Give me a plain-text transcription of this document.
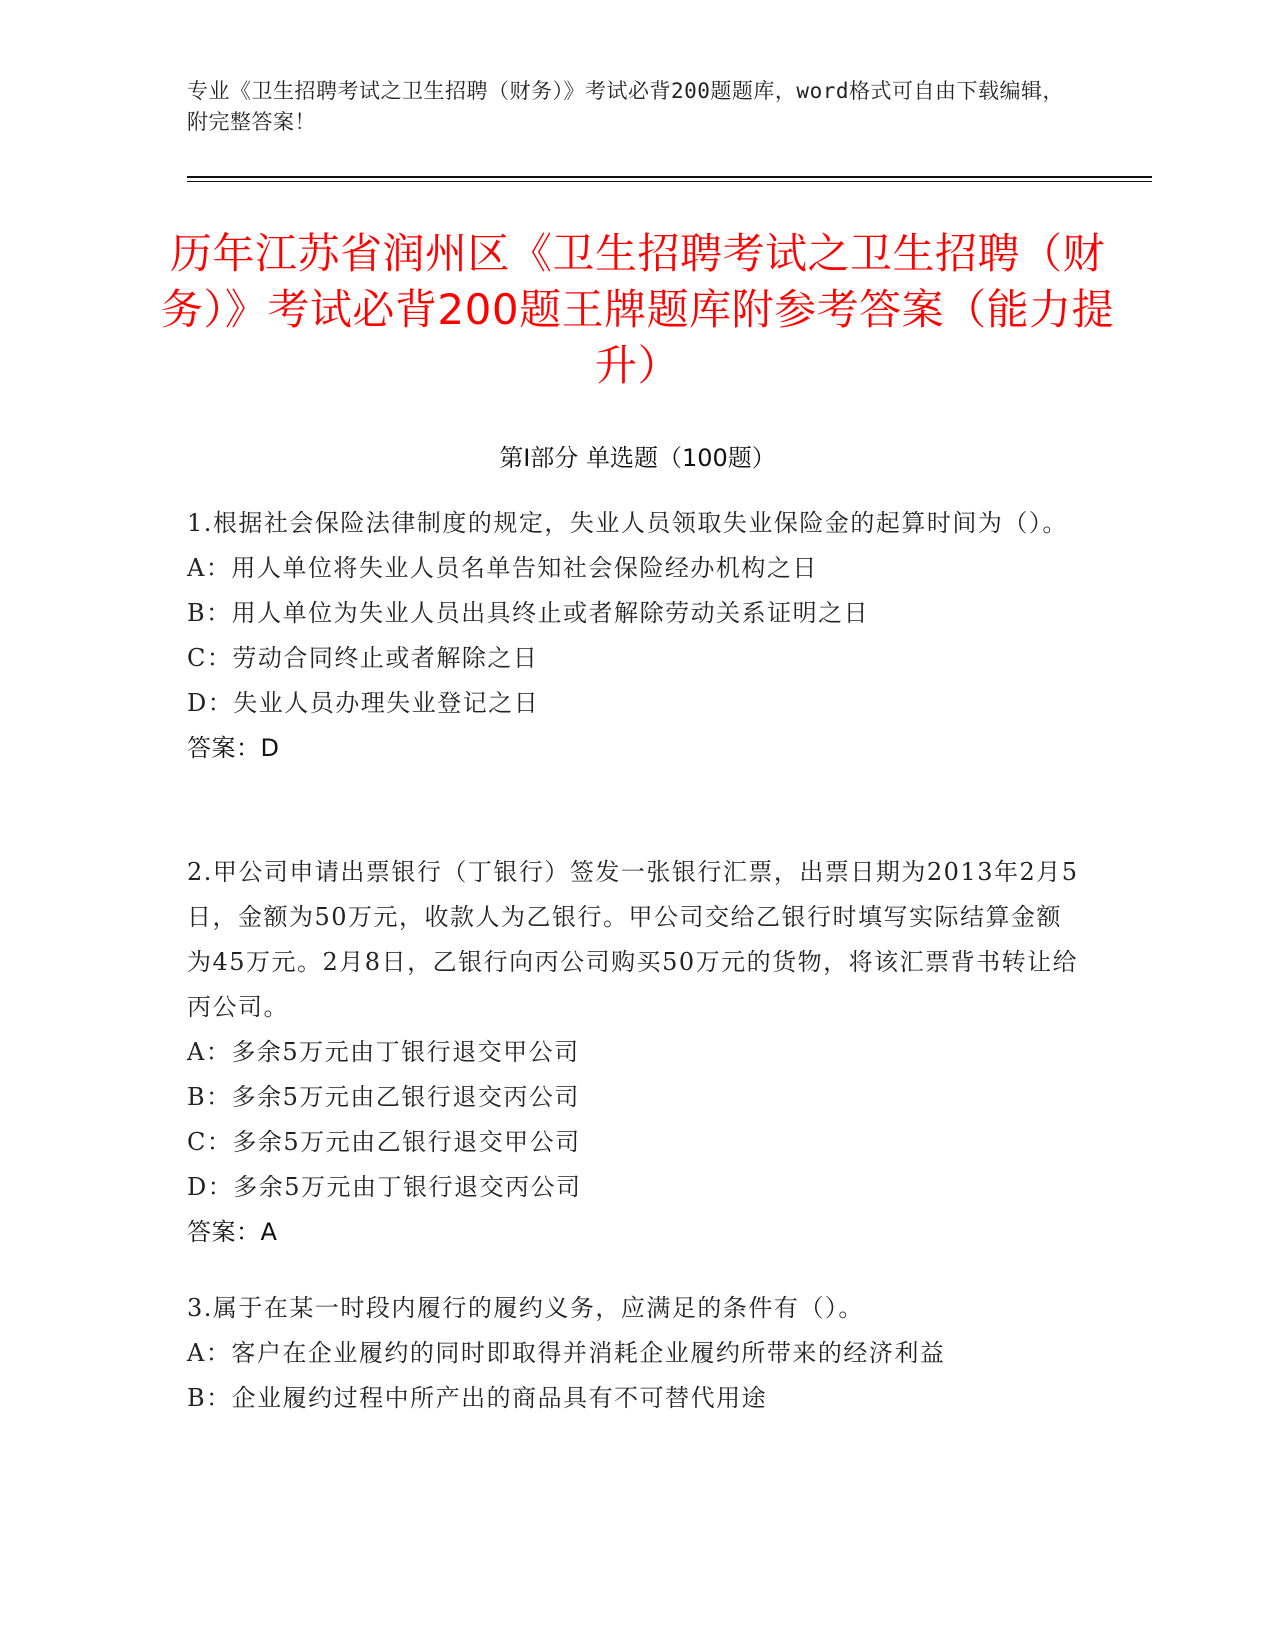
专业《卫生招聘考试之卫生招聘（财务）》考试必背200题题库，word格式可自由下载编辑，附完整答案！
历年江苏省润州区《卫生招聘考试之卫生招聘（财务）》考试必背200题王牌题库附参考答案（能力提升）
第Ⅰ部分 单选题（100题）

1.根据社会保险法律制度的规定，失业人员领取失业保险金的起算时间为（）。

A：用人单位将失业人员名单告知社会保险经办机构之日

B：用人单位为失业人员出具终止或者解除劳动关系证明之日

C：劳动合同终止或者解除之日

D：失业人员办理失业登记之日

答案：D

2.甲公司申请出票银行（丁银行）签发一张银行汇票，出票日期为2013年2月5日，金额为50万元，收款人为乙银行。甲公司交给乙银行时填写实际结算金额为45万元。2月8日，乙银行向丙公司购买50万元的货物，将该汇票背书转让给丙公司。

A：多余5万元由丁银行退交甲公司

B：多余5万元由乙银行退交丙公司

C：多余5万元由乙银行退交甲公司

D：多余5万元由丁银行退交丙公司

答案：A

3.属于在某一时段内履行的履约义务，应满足的条件有（）。

A：客户在企业履约的同时即取得并消耗企业履约所带来的经济利益

B：企业履约过程中所产出的商品具有不可替代用途
